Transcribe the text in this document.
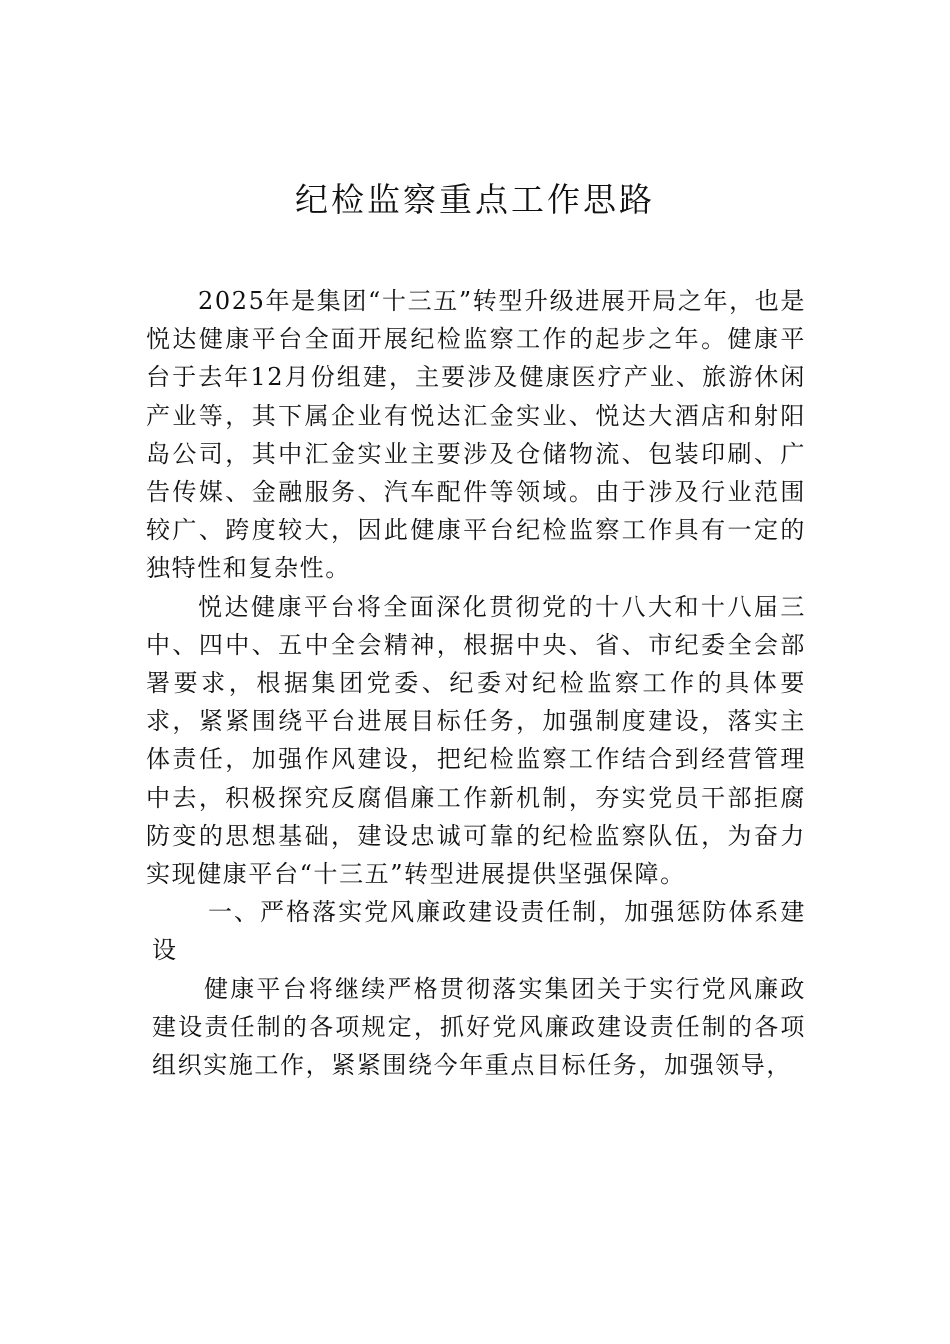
纪检监察重点工作思路

2025年是集团“十三五”转型升级进展开局之年，也是悦达健康平台全面开展纪检监察工作的起步之年。健康平台于去年12月份组建，主要涉及健康医疗产业、旅游休闲产业等，其下属企业有悦达汇金实业、悦达大酒店和射阳岛公司，其中汇金实业主要涉及仓储物流、包装印刷、广告传媒、金融服务、汽车配件等领域。由于涉及行业范围较广、跨度较大，因此健康平台纪检监察工作具有一定的独特性和复杂性。

悦达健康平台将全面深化贯彻党的十八大和十八届三中、四中、五中全会精神，根据中央、省、市纪委全会部署要求，根据集团党委、纪委对纪检监察工作的具体要求，紧紧围绕平台进展目标任务，加强制度建设，落实主体责任，加强作风建设，把纪检监察工作结合到经营管理中去，积极探究反腐倡廉工作新机制，夯实党员干部拒腐防变的思想基础，建设忠诚可靠的纪检监察队伍，为奋力实现健康平台“十三五”转型进展提供坚强保障。

一、严格落实党风廉政建设责任制，加强惩防体系建设

健康平台将继续严格贯彻落实集团关于实行党风廉政建设责任制的各项规定，抓好党风廉政建设责任制的各项组织实施工作，紧紧围绕今年重点目标任务，加强领导，
